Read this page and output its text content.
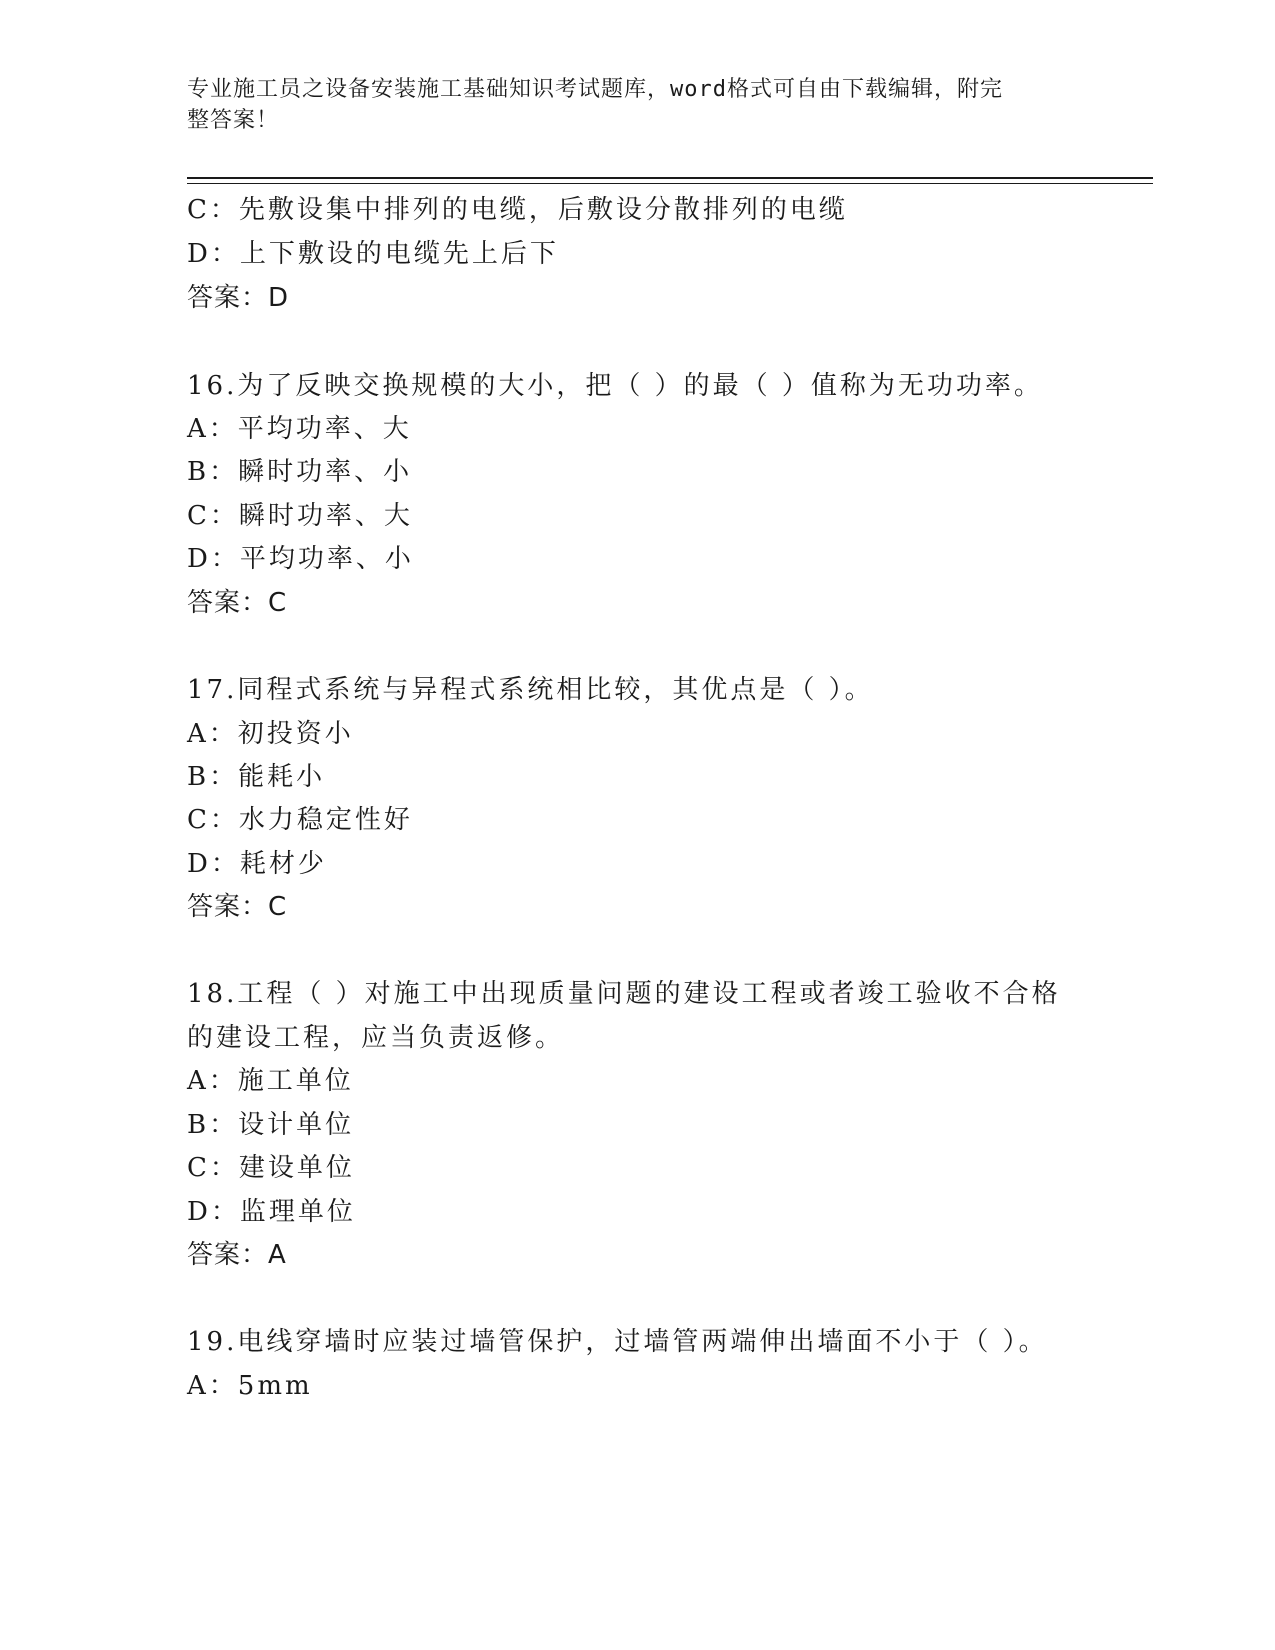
专业施工员之设备安装施工基础知识考试题库，word格式可自由下载编辑，附完
整答案！
C：先敷设集中排列的电缆，后敷设分散排列的电缆
D：上下敷设的电缆先上后下
答案：D
16.为了反映交换规模的大小，把（ ）的最（ ）值称为无功功率。
A：平均功率、大
B：瞬时功率、小
C：瞬时功率、大
D：平均功率、小
答案：C
17.同程式系统与异程式系统相比较，其优点是（ ）。
A：初投资小
B：能耗小
C：水力稳定性好
D：耗材少
答案：C
18.工程（ ）对施工中出现质量问题的建设工程或者竣工验收不合格
的建设工程，应当负责返修。
A：施工单位
B：设计单位
C：建设单位
D：监理单位
答案：A
19.电线穿墙时应装过墙管保护，过墙管两端伸出墙面不小于（ ）。
A：5mm
